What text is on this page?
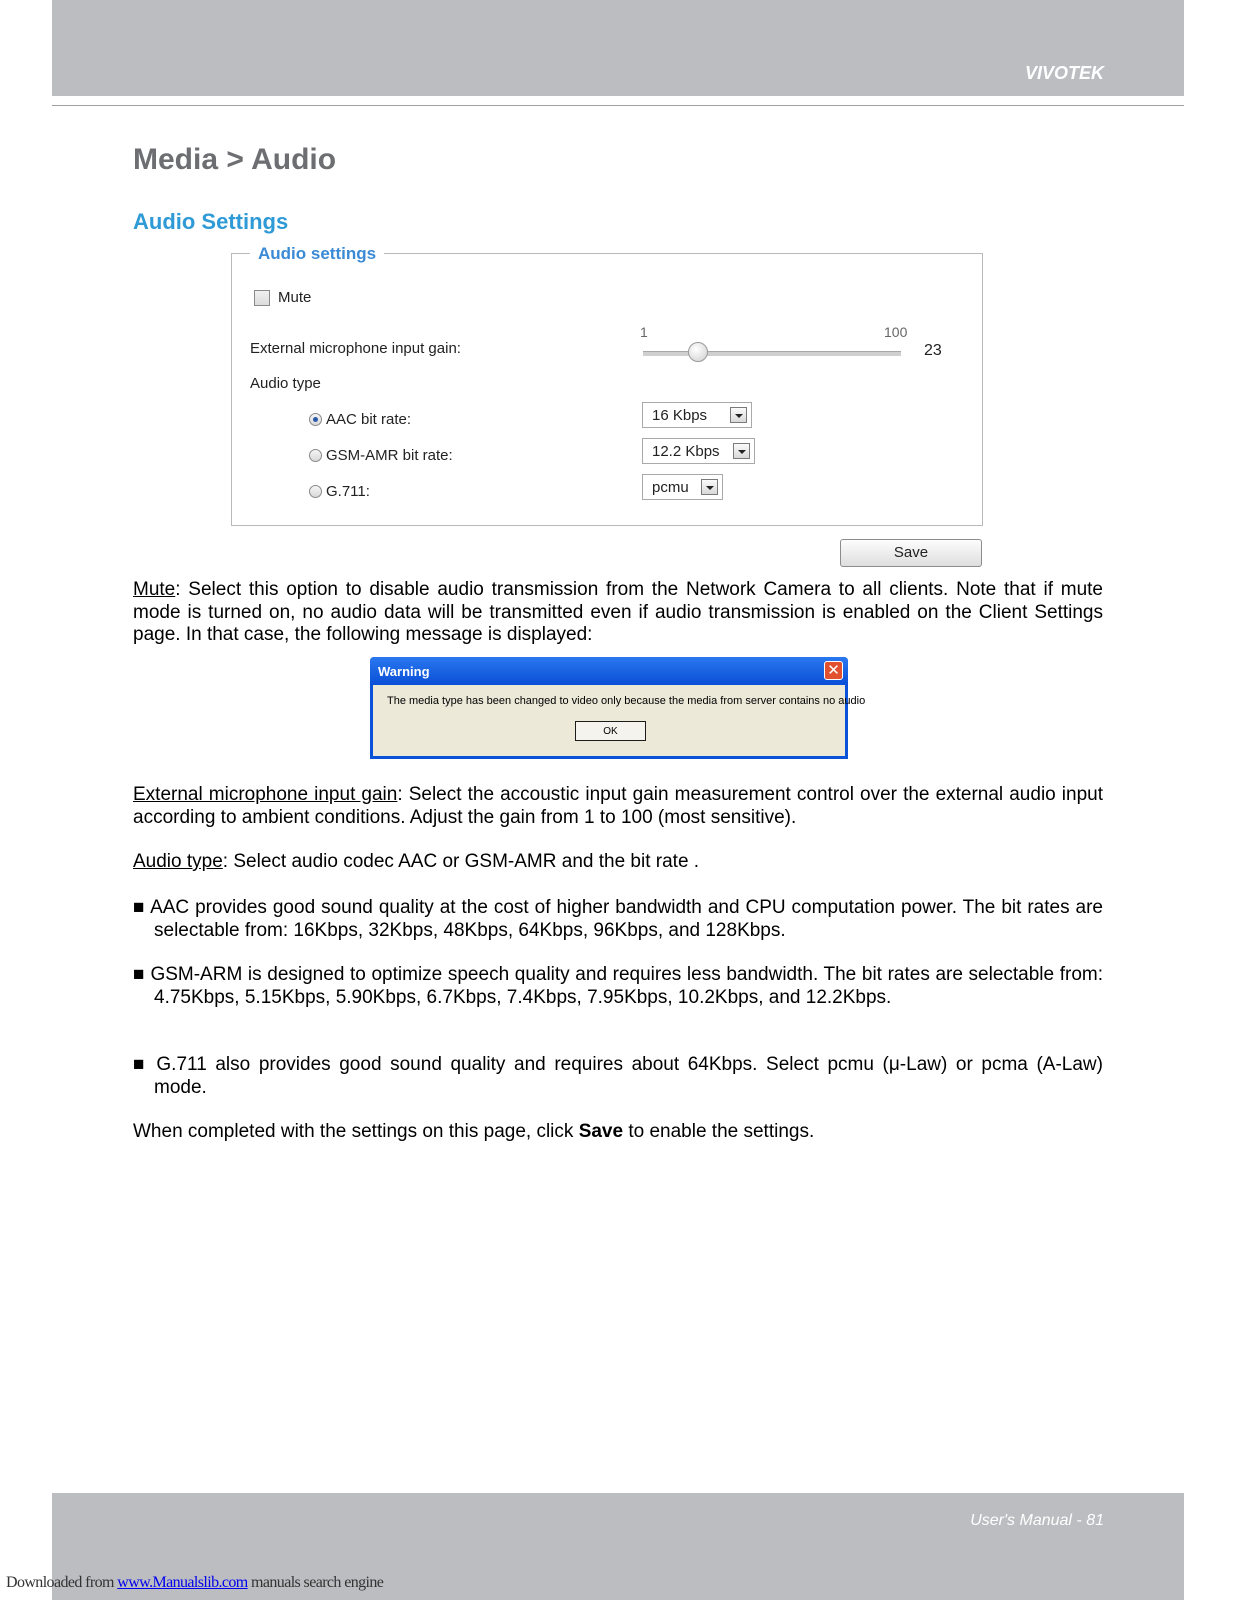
VIVOTEK
Media > Audio
Audio Settings
Mute
External microphone input gain:
1	100
23
Audio type
AAC bit rate:	16 Kbps
GSM-AMR bit rate:	12.2 Kbps
G.711:	pcmu
Audio settings
Save

Mute: Select this option to disable audio transmission from the Network Camera to all clients. Note that if mute mode is turned on, no audio data will be transmitted even if audio transmission is enabled on the Client Settings page. In that case, the following message is displayed:

Warning	✕
The media type has been changed to video only because the media from server contains no audio
OK

External microphone input gain: Select the accoustic input gain measurement control over the external audio input according to ambient conditions. Adjust the gain from 1 to 100 (most sensitive).

Audio type: Select audio codec AAC or GSM-AMR and the bit rate .

■ AAC provides good sound quality at the cost of higher bandwidth and CPU computation power. The bit rates are selectable from: 16Kbps, 32Kbps, 48Kbps, 64Kbps, 96Kbps, and 128Kbps.

■ GSM-ARM is designed to optimize speech quality and requires less bandwidth. The bit rates are selectable from: 4.75Kbps, 5.15Kbps, 5.90Kbps, 6.7Kbps, 7.4Kbps, 7.95Kbps, 10.2Kbps, and 12.2Kbps.

■ G.711 also provides good sound quality and requires about 64Kbps. Select pcmu (μ-Law) or pcma (A-Law) mode.

When completed with the settings on this page, click Save to enable the settings.

User's Manual - 81
Downloaded from www.Manualslib.com manuals search engine
